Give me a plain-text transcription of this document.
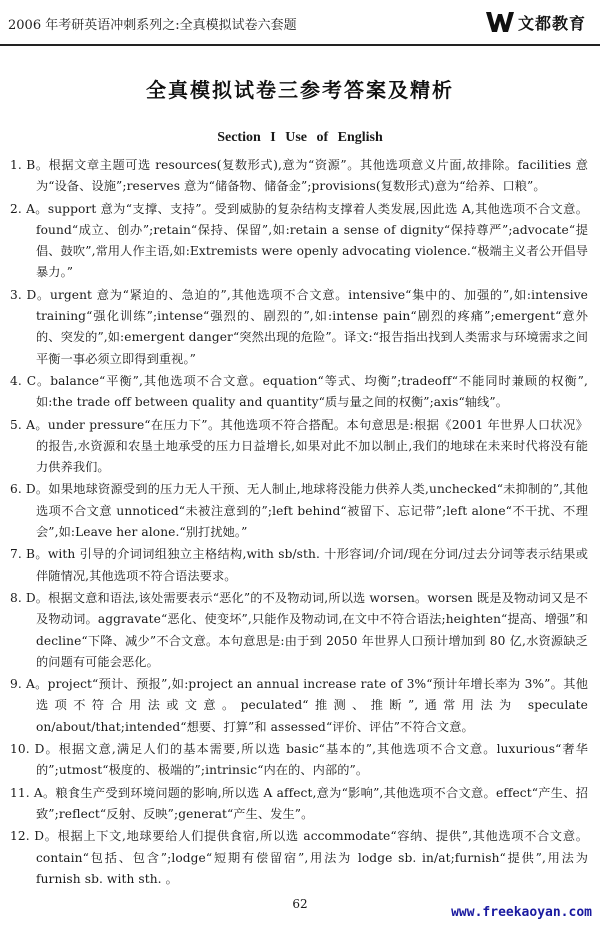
2006 年考研英语冲刺系列之:全真模拟试卷六套题	文都教育
全真模拟试卷三参考答案及精析
Section I Use of English
1. B。根据文章主题可选 resources(复数形式),意为“资源”。其他选项意义片面,故排除。facilities 意为“设备、设施”;reserves 意为“储备物、储备金”;provisions(复数形式)意为“给养、口粮”。
2. A。support 意为“支撑、支持”。受到威胁的复杂结构支撑着人类发展,因此选 A,其他选项不合文意。found“成立、创办”;retain“保持、保留”,如:retain a sense of dignity“保持尊严”;advocate“提倡、鼓吹”,常用人作主语,如:Extremists were openly advocating violence.“极端主义者公开倡导暴力。”
3. D。urgent 意为“紧迫的、急迫的”,其他选项不合文意。intensive“集中的、加强的”,如:intensive training“强化训练”;intense“强烈的、剧烈的”,如:intense pain“剧烈的疼痛”;emergent“意外的、突发的”,如:emergent danger“突然出现的危险”。译文:“报告指出找到人类需求与环境需求之间平衡一事必须立即得到重视。”
4. C。balance“平衡”,其他选项不合文意。equation“等式、均衡”;tradeoff“不能同时兼顾的权衡”,如:the trade off between quality and quantity“质与量之间的权衡”;axis“轴线”。
5. A。under pressure“在压力下”。其他选项不符合搭配。本句意思是:根据《2001 年世界人口状况》的报告,水资源和农垦土地承受的压力日益增长,如果对此不加以制止,我们的地球在未来时代将没有能力供养我们。
6. D。如果地球资源受到的压力无人干预、无人制止,地球将没能力供养人类,unchecked“未抑制的”,其他选项不合文意 unnoticed“未被注意到的”;left behind“被留下、忘记带”;left alone“不干扰、不理会”,如:Leave her alone.“别打扰她。”
7. B。with 引导的介词词组独立主格结构,with sb/sth. 十形容词/介词/现在分词/过去分词等表示结果或伴随情况,其他选项不符合语法要求。
8. D。根据文意和语法,该处需要表示“恶化”的不及物动词,所以选 worsen。worsen 既是及物动词又是不及物动词。aggravate“恶化、使变坏”,只能作及物动词,在文中不符合语法;heighten“提高、增强”和 decline“下降、减少”不合文意。本句意思是:由于到 2050 年世界人口预计增加到 80 亿,水资源缺乏的问题有可能会恶化。
9. A。project“预计、预报”,如:project an annual increase rate of 3%“预计年增长率为 3%”。其他选项不符合用法或文意。peculated“推测、推断”,通常用法为 speculate on/about/that;intended“想要、打算”和 assessed“评价、评估”不符合文意。
10. D。根据文意,满足人们的基本需要,所以选 basic“基本的”,其他选项不合文意。luxurious“奢华的”;utmost“极度的、极端的”;intrinsic“内在的、内部的”。
11. A。粮食生产受到环境问题的影响,所以选 A affect,意为“影响”,其他选项不合文意。effect“产生、招致”;reflect“反射、反映”;generat“产生、发生”。
12. D。根据上下文,地球要给人们提供食宿,所以选 accommodate“容纳、提供”,其他选项不合文意。contain“包括、包含”;lodge“短期有偿留宿”,用法为 lodge sb. in/at;furnish“提供”,用法为 furnish sb. with sth. 。
62
www.freekaoyan.com
